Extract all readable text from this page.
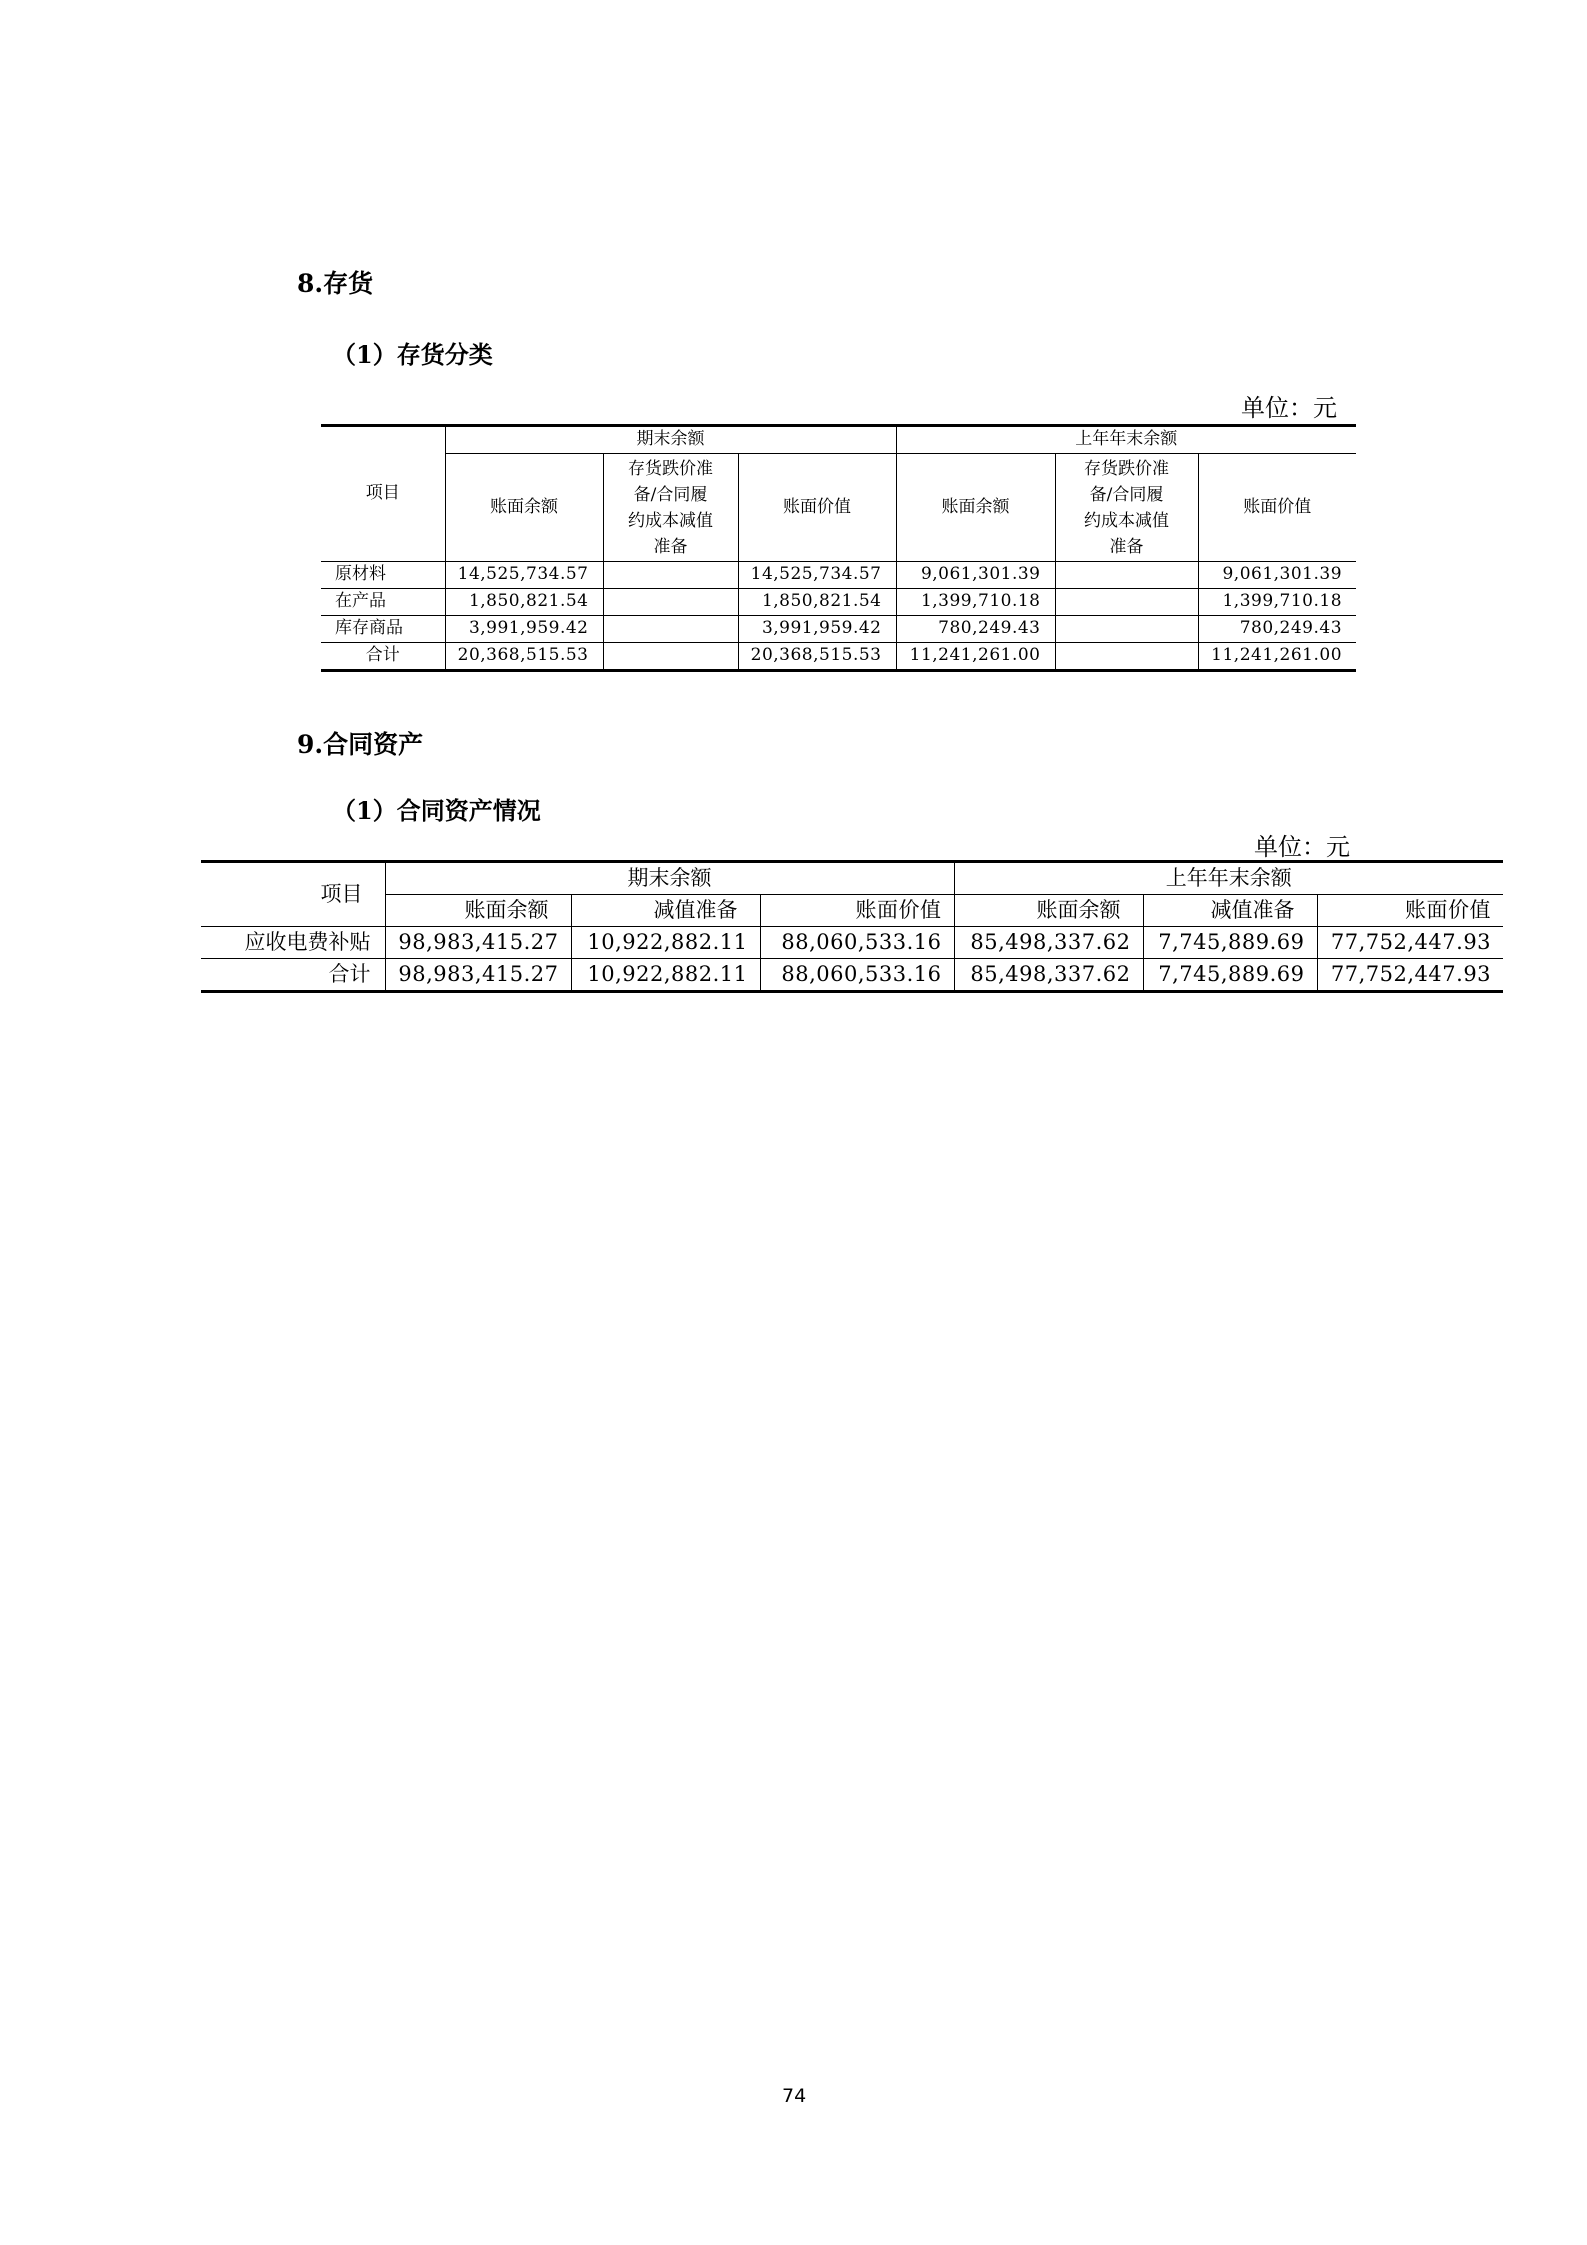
8.存货
（1）存货分类
单位：元
项目	期末余额			上年年末余额		
	账面余额	存货跌价准
备/合同履
约成本减值
准备	账面价值	账面余额	存货跌价准
备/合同履
约成本减值
准备	账面价值
原材料	14,525,734.57		14,525,734.57	9,061,301.39		9,061,301.39
在产品	1,850,821.54		1,850,821.54	1,399,710.18		1,399,710.18
库存商品	3,991,959.42		3,991,959.42	780,249.43		780,249.43
合计	20,368,515.53		20,368,515.53	11,241,261.00		11,241,261.00
9.合同资产
（1）合同资产情况
单位：元
项目	期末余额			上年年末余额		
	账面余额	减值准备	账面价值	账面余额	减值准备	账面价值
应收电费补贴	98,983,415.27	10,922,882.11	88,060,533.16	85,498,337.62	7,745,889.69	77,752,447.93
合计	98,983,415.27	10,922,882.11	88,060,533.16	85,498,337.62	7,745,889.69	77,752,447.93
74
